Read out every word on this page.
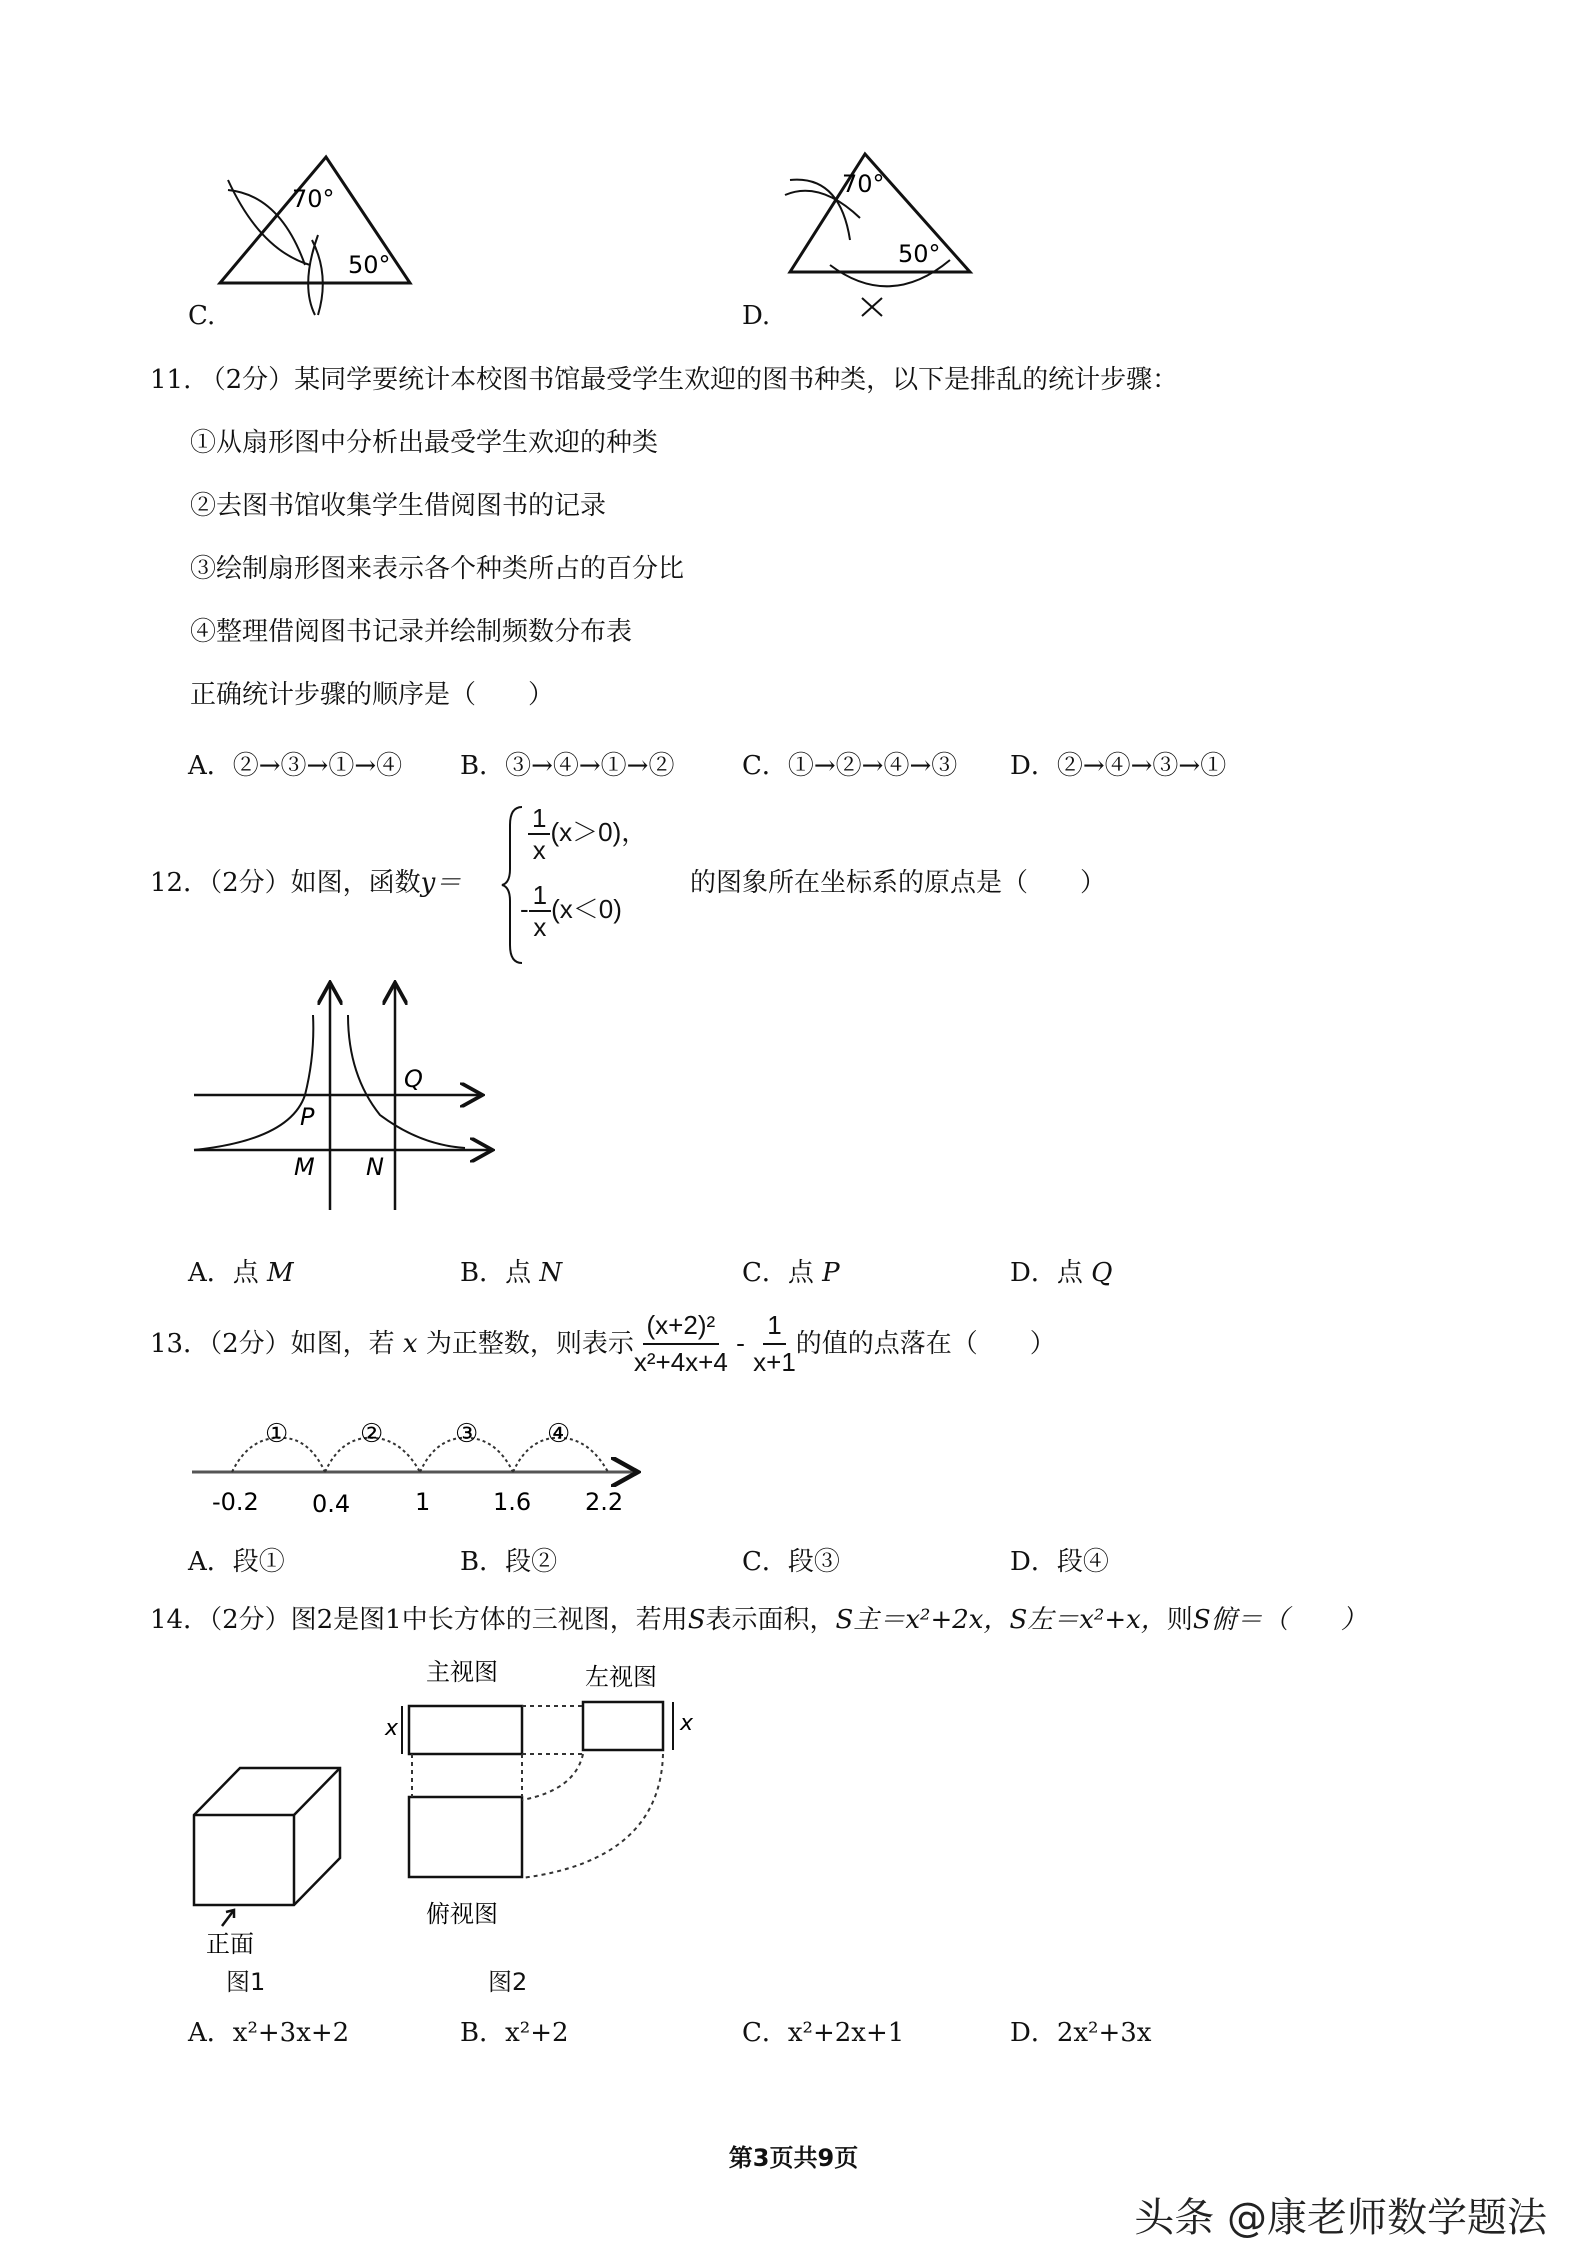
70°
50°
C.
70°
50°
D.
11. （2分）某同学要统计本校图书馆最受学生欢迎的图书种类，以下是排乱的统计步骤：
①从扇形图中分析出最受学生欢迎的种类
②去图书馆收集学生借阅图书的记录
③绘制扇形图来表示各个种类所占的百分比
④整理借阅图书记录并绘制频数分布表
正确统计步骤的顺序是（　　）
A．②→③→①→④ B．③→④→①→②	C．①→②→④→③ D．②→④→③→①
12．（2分）如图，函数y＝
$\frac{1}{x} (x>0)$，
- $\frac{1}{x} (x<0)$
的图象所在坐标系的原点是（　　）
P
Q
M N
A．点 M	B．点 N	C．点 P	D．点 Q
13．（2分）如图，若
x
为正整数，则表示 $\frac{\text{(x+2)²}}{\text{x²+4x+4}}$
-
$\frac{1}{x+1}$ 的值的点落在（　　）
-0.2 0.4	1	1.6 2.2
①	②	③	④
A．段①	B．段②	C．段③	D．段④
14．（2分）图2是图1中长方体的三视图，若用S表示面积，S主＝x²+2x，S左＝x²+x，则S俯＝（　　）
主视图	左视图
俯视图
正面
x	x
图1	图2
A．x²+3x+2	B．x²+2	C．x²+2x+1	D．2x²+3x
第3页共9页
头条 @康老师数学题法
